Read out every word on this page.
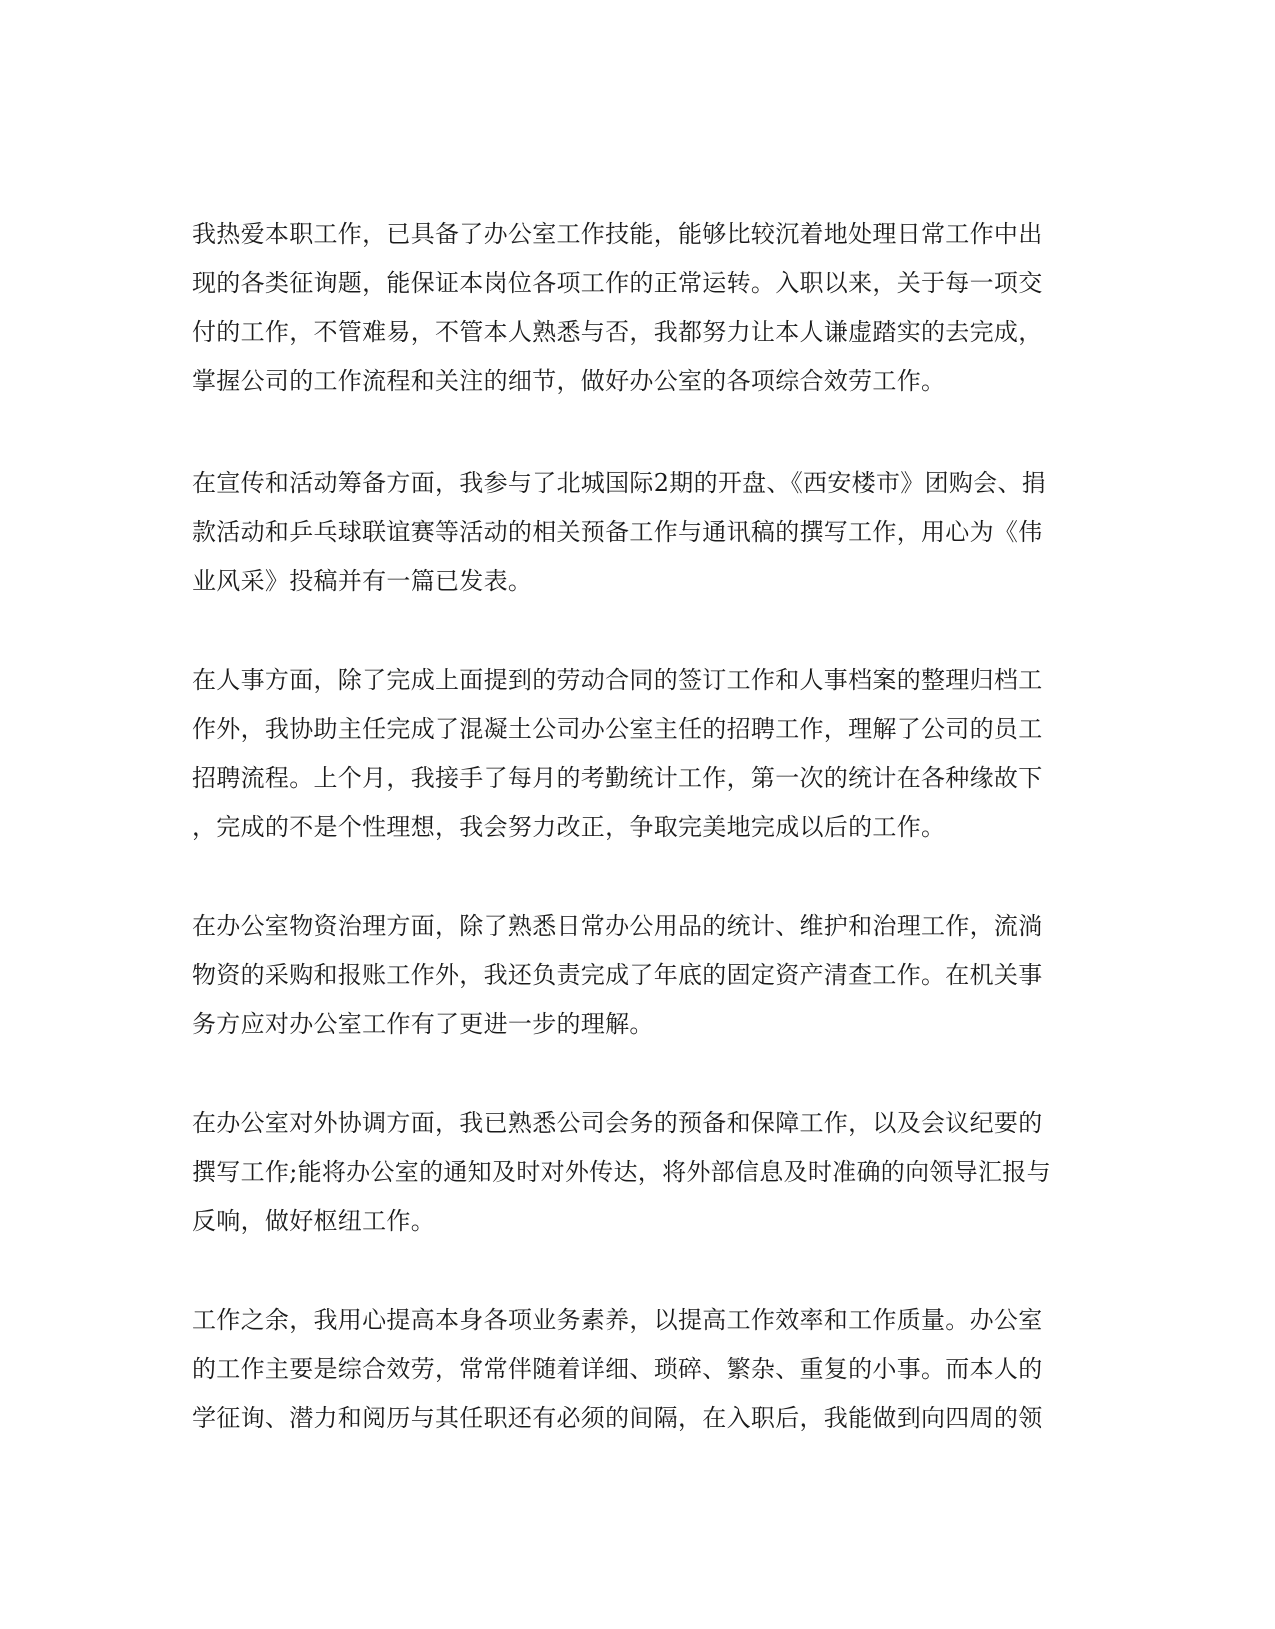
我热爱本职工作，已具备了办公室工作技能，能够比较沉着地处理日常工作中出
现的各类征询题，能保证本岗位各项工作的正常运转。入职以来，关于每一项交
付的工作，不管难易，不管本人熟悉与否，我都努力让本人谦虚踏实的去完成，
掌握公司的工作流程和关注的细节，做好办公室的各项综合效劳工作。
在宣传和活动筹备方面，我参与了北城国际2期的开盘、《西安楼市》团购会、捐
款活动和乒乓球联谊赛等活动的相关预备工作与通讯稿的撰写工作，用心为《伟
业风采》投稿并有一篇已发表。
在人事方面，除了完成上面提到的劳动合同的签订工作和人事档案的整理归档工
作外，我协助主任完成了混凝土公司办公室主任的招聘工作，理解了公司的员工
招聘流程。上个月，我接手了每月的考勤统计工作，第一次的统计在各种缘故下
，完成的不是个性理想，我会努力改正，争取完美地完成以后的工作。
在办公室物资治理方面，除了熟悉日常办公用品的统计、维护和治理工作，流淌
物资的采购和报账工作外，我还负责完成了年底的固定资产清查工作。在机关事
务方应对办公室工作有了更进一步的理解。
在办公室对外协调方面，我已熟悉公司会务的预备和保障工作，以及会议纪要的
撰写工作;能将办公室的通知及时对外传达，将外部信息及时准确的向领导汇报与
反响，做好枢纽工作。
工作之余，我用心提高本身各项业务素养，以提高工作效率和工作质量。办公室
的工作主要是综合效劳，常常伴随着详细、琐碎、繁杂、重复的小事。而本人的
学征询、潜力和阅历与其任职还有必须的间隔，在入职后，我能做到向四周的领
